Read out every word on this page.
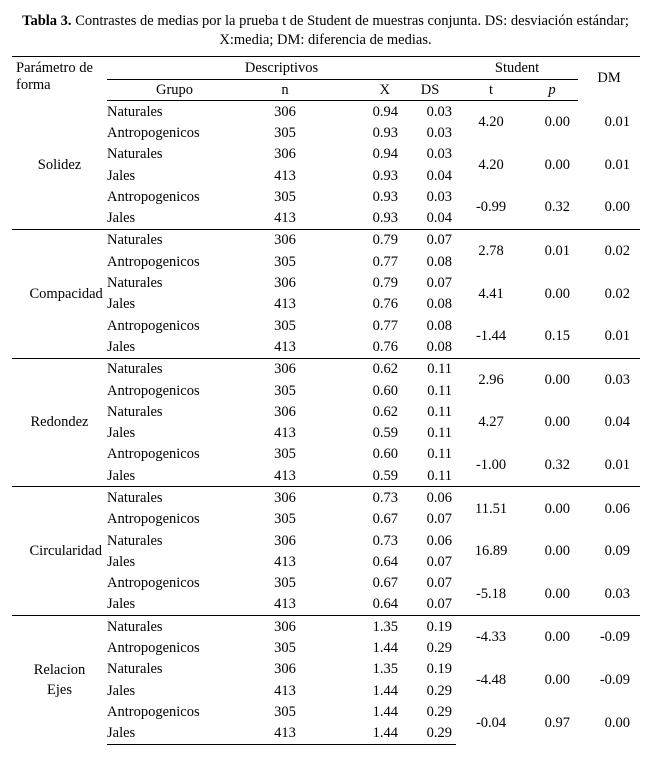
Tabla 3. Contrastes de medias por la prueba t de Student de muestras conjunta. DS: desviación estándar; X:media; DM: diferencia de medias.
Parámetro de forma	Descriptivos				Student		DM
	Grupo	n	X	DS	t	p	
Solidez	Naturales	306	0.94	0.03	4.20	0.00	0.01
	Antropogenicos	305	0.93	0.03			
	Naturales	306	0.94	0.03	4.20	0.00	0.01
	Jales	413	0.93	0.04			
	Antropogenicos	305	0.93	0.03	-0.99	0.32	0.00
	Jales	413	0.93	0.04			
Compacidad	Naturales	306	0.79	0.07	2.78	0.01	0.02
	Antropogenicos	305	0.77	0.08			
	Naturales	306	0.79	0.07	4.41	0.00	0.02
	Jales	413	0.76	0.08			
	Antropogenicos	305	0.77	0.08	-1.44	0.15	0.01
	Jales	413	0.76	0.08			
Redondez	Naturales	306	0.62	0.11	2.96	0.00	0.03
	Antropogenicos	305	0.60	0.11			
	Naturales	306	0.62	0.11	4.27	0.00	0.04
	Jales	413	0.59	0.11			
	Antropogenicos	305	0.60	0.11	-1.00	0.32	0.01
	Jales	413	0.59	0.11			
Circularidad	Naturales	306	0.73	0.06	11.51	0.00	0.06
	Antropogenicos	305	0.67	0.07			
	Naturales	306	0.73	0.06	16.89	0.00	0.09
	Jales	413	0.64	0.07			
	Antropogenicos	305	0.67	0.07	-5.18	0.00	0.03
	Jales	413	0.64	0.07			
Relacion Ejes	Naturales	306	1.35	0.19	-4.33	0.00	-0.09
	Antropogenicos	305	1.44	0.29			
	Naturales	306	1.35	0.19	-4.48	0.00	-0.09
	Jales	413	1.44	0.29			
	Antropogenicos	305	1.44	0.29	-0.04	0.97	0.00
	Jales	413	1.44	0.29			
